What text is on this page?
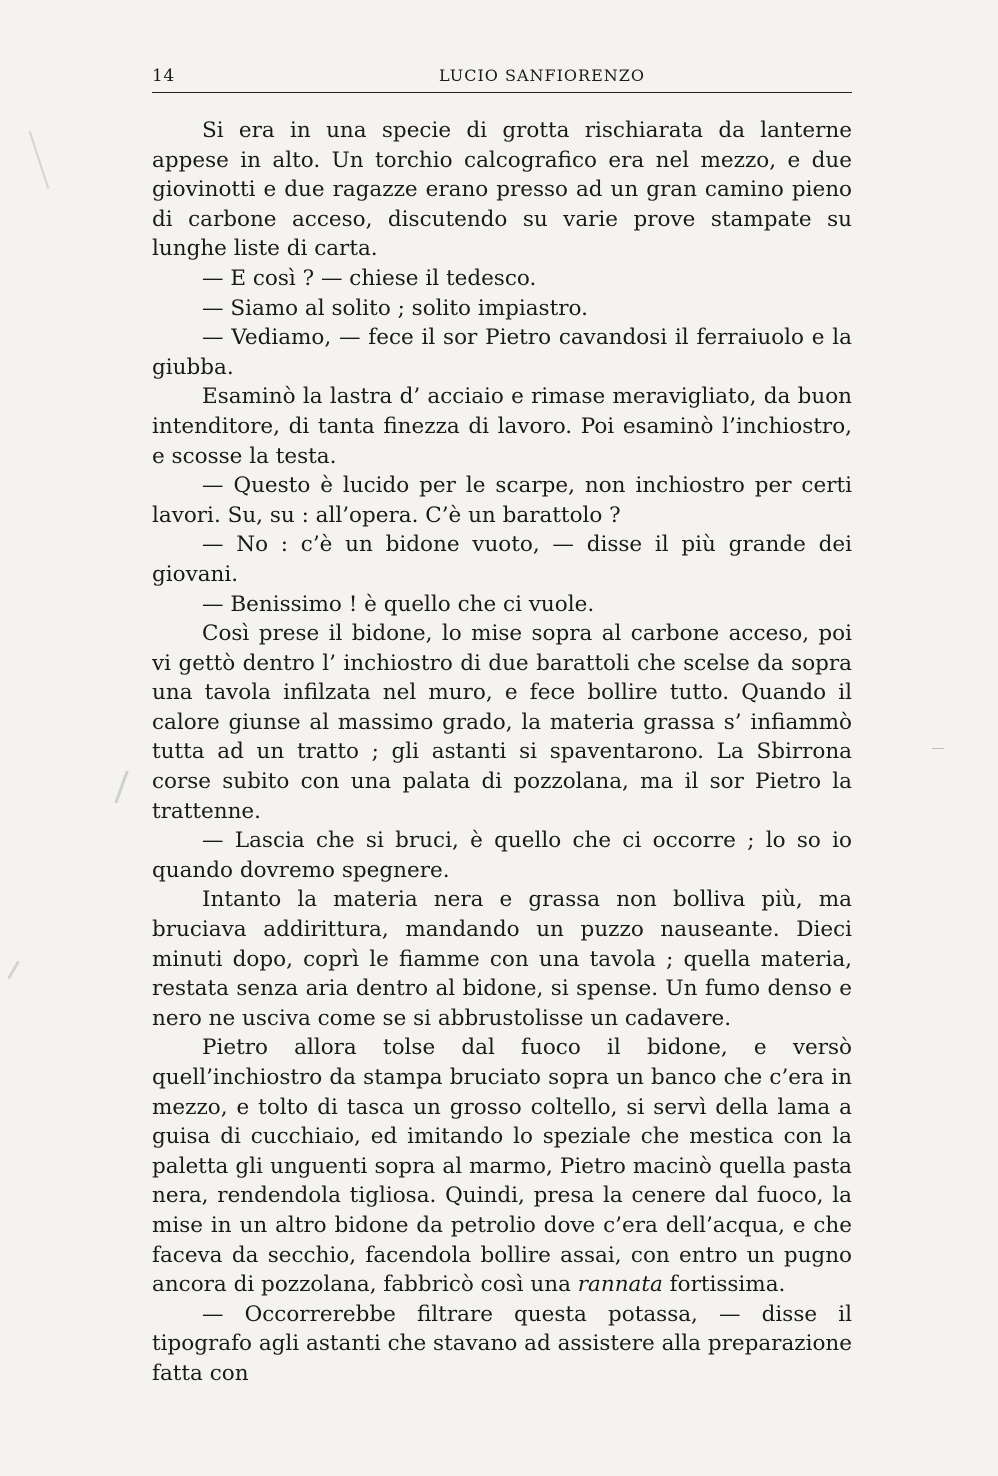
14	LUCIO SANFIORENZO

Si era in una specie di grotta rischiarata da lanterne appese in alto. Un torchio calcografico era nel mezzo, e due giovinotti e due ragazze erano presso ad un gran camino pieno di carbone acceso, discutendo su varie prove stampate su lunghe liste di carta.

— E così ? — chiese il tedesco.

— Siamo al solito ; solito impiastro.

— Vediamo, — fece il sor Pietro cavandosi il ferraiuolo e la giubba.

Esaminò la lastra d’ acciaio e rimase meravigliato, da buon intenditore, di tanta finezza di lavoro. Poi esaminò l’inchiostro, e scosse la testa.

— Questo è lucido per le scarpe, non inchiostro per certi lavori. Su, su : all’opera. C’è un barattolo ?

— No : c’è un bidone vuoto, — disse il più grande dei giovani.

— Benissimo ! è quello che ci vuole.

Così prese il bidone, lo mise sopra al carbone acceso, poi vi gettò dentro l’ inchiostro di due barattoli che scelse da sopra una tavola infilzata nel muro, e fece bollire tutto. Quando il calore giunse al massimo grado, la materia grassa s’ infiammò tutta ad un tratto ; gli astanti si spaventarono. La Sbirrona corse subito con una palata di pozzolana, ma il sor Pietro la trattenne.

— Lascia che si bruci, è quello che ci occorre ; lo so io quando dovremo spegnere.

Intanto la materia nera e grassa non bolliva più, ma bruciava addirittura, mandando un puzzo nauseante. Dieci minuti dopo, coprì le fiamme con una tavola ; quella materia, restata senza aria dentro al bidone, si spense. Un fumo denso e nero ne usciva come se si abbrustolisse un cadavere.

Pietro allora tolse dal fuoco il bidone, e versò quell’inchiostro da stampa bruciato sopra un banco che c’era in mezzo, e tolto di tasca un grosso coltello, si servì della lama a guisa di cucchiaio, ed imitando lo speziale che mestica con la paletta gli unguenti sopra al marmo, Pietro macinò quella pasta nera, rendendola tigliosa. Quindi, presa la cenere dal fuoco, la mise in un altro bidone da petrolio dove c’era dell’acqua, e che faceva da secchio, facendola bollire assai, con entro un pugno ancora di pozzolana, fabbricò così una rannata fortissima.

— Occorrerebbe filtrare questa potassa, — disse il tipografo agli astanti che stavano ad assistere alla preparazione fatta con
